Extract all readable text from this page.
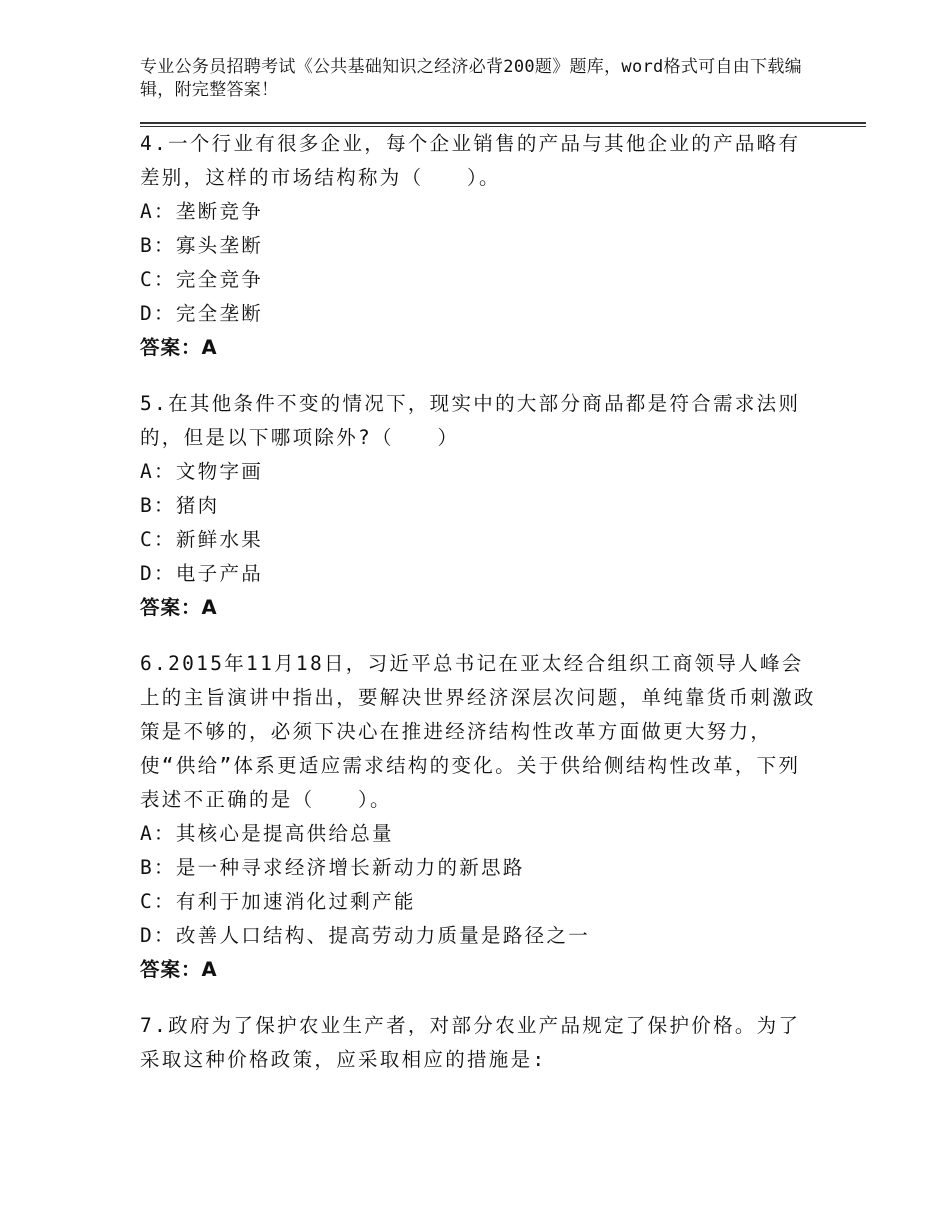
专业公务员招聘考试《公共基础知识之经济必背200题》题库，word格式可自由下载编辑，附完整答案！

4.一个行业有很多企业，每个企业销售的产品与其他企业的产品略有差别，这样的市场结构称为（　　）。

A：垄断竞争
B：寡头垄断
C：完全竞争
D：完全垄断
答案：A

5.在其他条件不变的情况下，现实中的大部分商品都是符合需求法则的，但是以下哪项除外?（　　）

A：文物字画
B：猪肉
C：新鲜水果
D：电子产品
答案：A

6.2015年11月18日，习近平总书记在亚太经合组织工商领导人峰会上的主旨演讲中指出，要解决世界经济深层次问题，单纯靠货币刺激政策是不够的，必须下决心在推进经济结构性改革方面做更大努力，使“供给”体系更适应需求结构的变化。关于供给侧结构性改革，下列表述不正确的是（　　）。

A：其核心是提高供给总量
B：是一种寻求经济增长新动力的新思路
C：有利于加速消化过剩产能
D：改善人口结构、提高劳动力质量是路径之一
答案：A

7.政府为了保护农业生产者，对部分农业产品规定了保护价格。为了采取这种价格政策，应采取相应的措施是:
